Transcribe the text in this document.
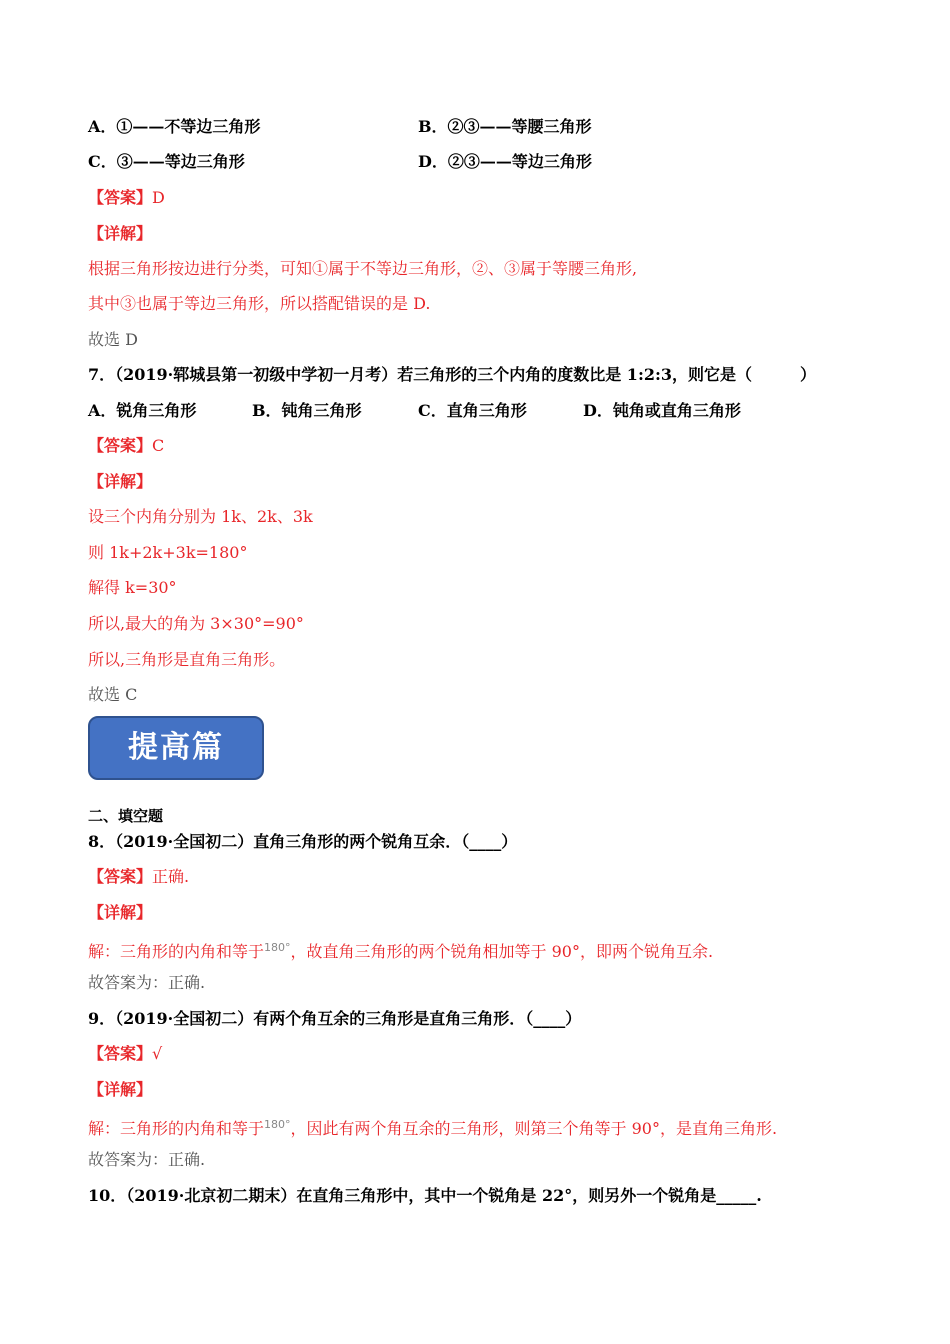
A．①——不等边三角形	B．②③——等腰三角形
C．③——等边三角形	D．②③——等边三角形
【答案】D
【详解】
根据三角形按边进行分类，可知①属于不等边三角形，②、③属于等腰三角形,
其中③也属于等边三角形，所以搭配错误的是 D.
故选 D
7．（2019·郓城县第一初级中学初一月考）若三角形的三个内角的度数比是 1:2:3，则它是（　　　）
A．锐角三角形	B．钝角三角形	C．直角三角形	D．钝角或直角三角形
【答案】C
【详解】
设三个内角分别为 1k、2k、3k
则 1k+2k+3k=180°
解得 k=30°
所以,最大的角为 3×30°=90°
所以,三角形是直角三角形。
故选 C
提高篇
二、填空题
8．（2019·全国初二）直角三角形的两个锐角互余．（____）
【答案】正确.
【详解】
解：三角形的内角和等于$^{180^\circ}$，故直角三角形的两个锐角相加等于 90°，即两个锐角互余.
故答案为：正确.
9．（2019·全国初二）有两个角互余的三角形是直角三角形．（____）
【答案】√
【详解】
解：三角形的内角和等于$^{180^\circ}$，因此有两个角互余的三角形，则第三个角等于 90°，是直角三角形.
故答案为：正确.
10．（2019·北京初二期末）在直角三角形中，其中一个锐角是 22°，则另外一个锐角是_____.
